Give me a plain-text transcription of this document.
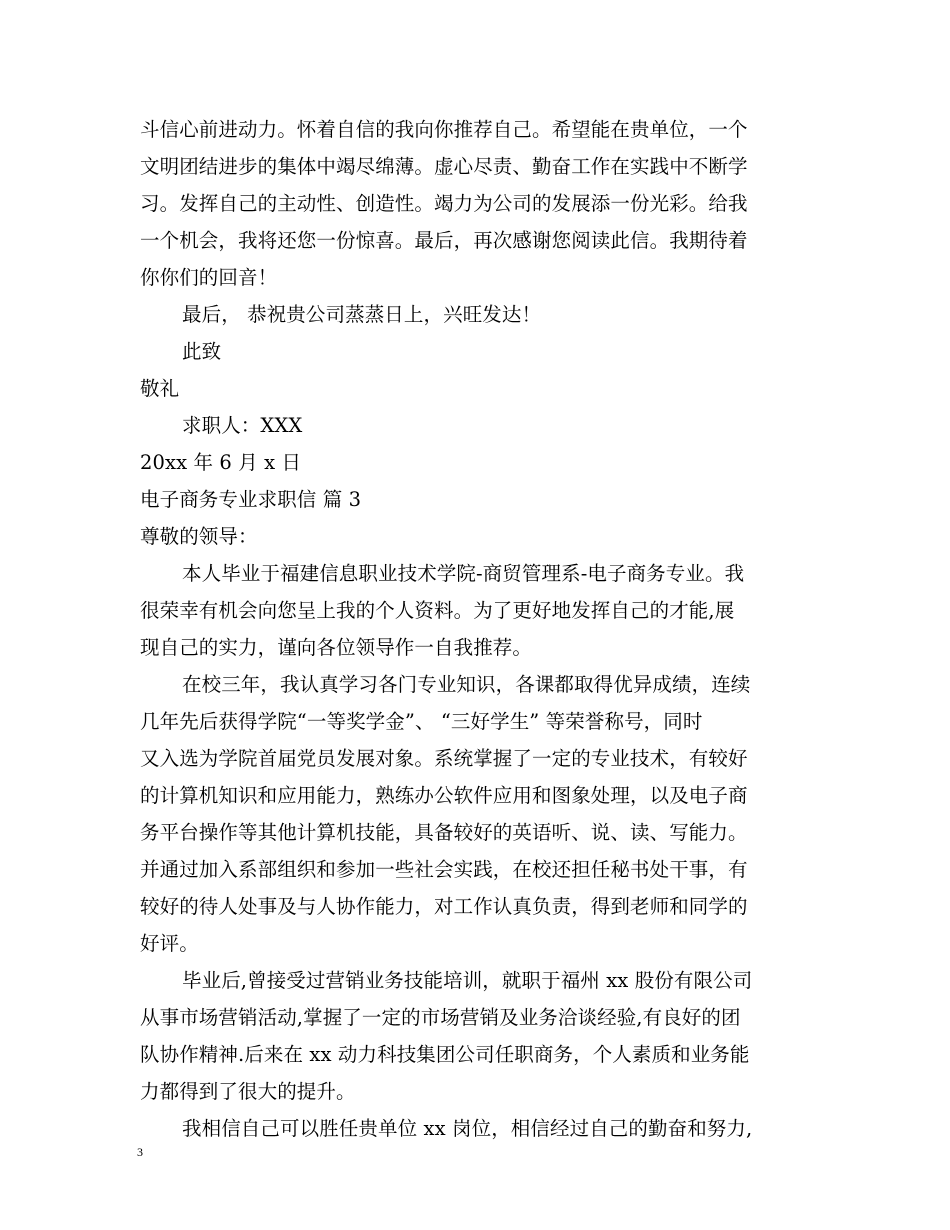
斗信心前进动力。怀着自信的我向你推荐自己。希望能在贵单位，一个
文明团结进步的集体中竭尽绵薄。虚心尽责、勤奋工作在实践中不断学
习。发挥自己的主动性、创造性。竭力为公司的发展添一份光彩。给我
一个机会，我将还您一份惊喜。最后，再次感谢您阅读此信。我期待着
你你们的回音！
最后， 恭祝贵公司蒸蒸日上，兴旺发达！
此致
敬礼
求职人：XXX
20xx 年 6 月 x 日
电子商务专业求职信 篇 3
尊敬的领导：
本人毕业于福建信息职业技术学院-商贸管理系-电子商务专业。我
很荣幸有机会向您呈上我的个人资料。为了更好地发挥自己的才能,展
现自己的实力，谨向各位领导作一自我推荐。
在校三年，我认真学习各门专业知识，各课都取得优异成绩，连续
几年先后获得学院“一等奖学金”、 “三好学生” 等荣誉称号，同时
又入选为学院首届党员发展对象。系统掌握了一定的专业技术，有较好
的计算机知识和应用能力，熟练办公软件应用和图象处理，以及电子商
务平台操作等其他计算机技能，具备较好的英语听、说、读、写能力。
并通过加入系部组织和参加一些社会实践，在校还担任秘书处干事，有
较好的待人处事及与人协作能力，对工作认真负责，得到老师和同学的
好评。
毕业后,曾接受过营销业务技能培训，就职于福州 xx 股份有限公司
从事市场营销活动,掌握了一定的市场营销及业务洽谈经验,有良好的团
队协作精神.后来在 xx 动力科技集团公司任职商务，个人素质和业务能
力都得到了很大的提升。
我相信自己可以胜任贵单位 xx 岗位，相信经过自己的勤奋和努力,
3
